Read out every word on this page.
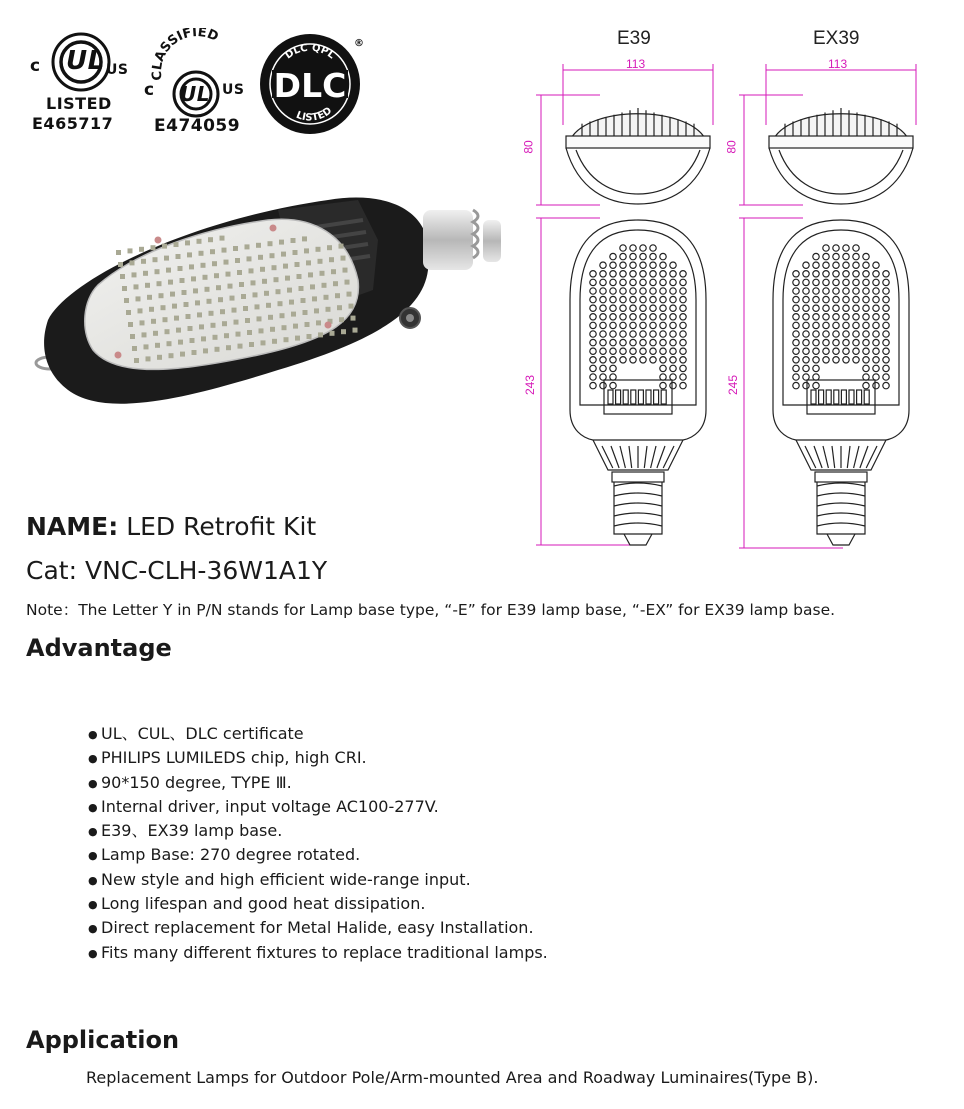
c UL US
LISTED
E465717
CLASSIFIED
c UL US
E474059
DLC QPL
LISTED
DLC
®	E39	EX39
113	113
80	80
243	245
NAME: LED Retrofit Kit
Cat: VNC-CLH-36W1A1Y
Note：The Letter Y in P/N stands for Lamp base type, “-E” for E39 lamp base, “-EX” for EX39 lamp base.
Advantage
● UL、CUL、DLC certificate
● PHILIPS LUMILEDS chip, high CRI.
● 90*150 degree, TYPE Ⅲ.
● Internal driver, input voltage AC100-277V.
● E39、EX39 lamp base.
● Lamp Base: 270 degree rotated.
● New style and high efficient wide-range input.
● Long lifespan and good heat dissipation.
● Direct replacement for Metal Halide, easy Installation.
● Fits many different fixtures to replace traditional lamps.
Application
Replacement Lamps for Outdoor Pole/Arm-mounted Area and Roadway Luminaires(Type B).
